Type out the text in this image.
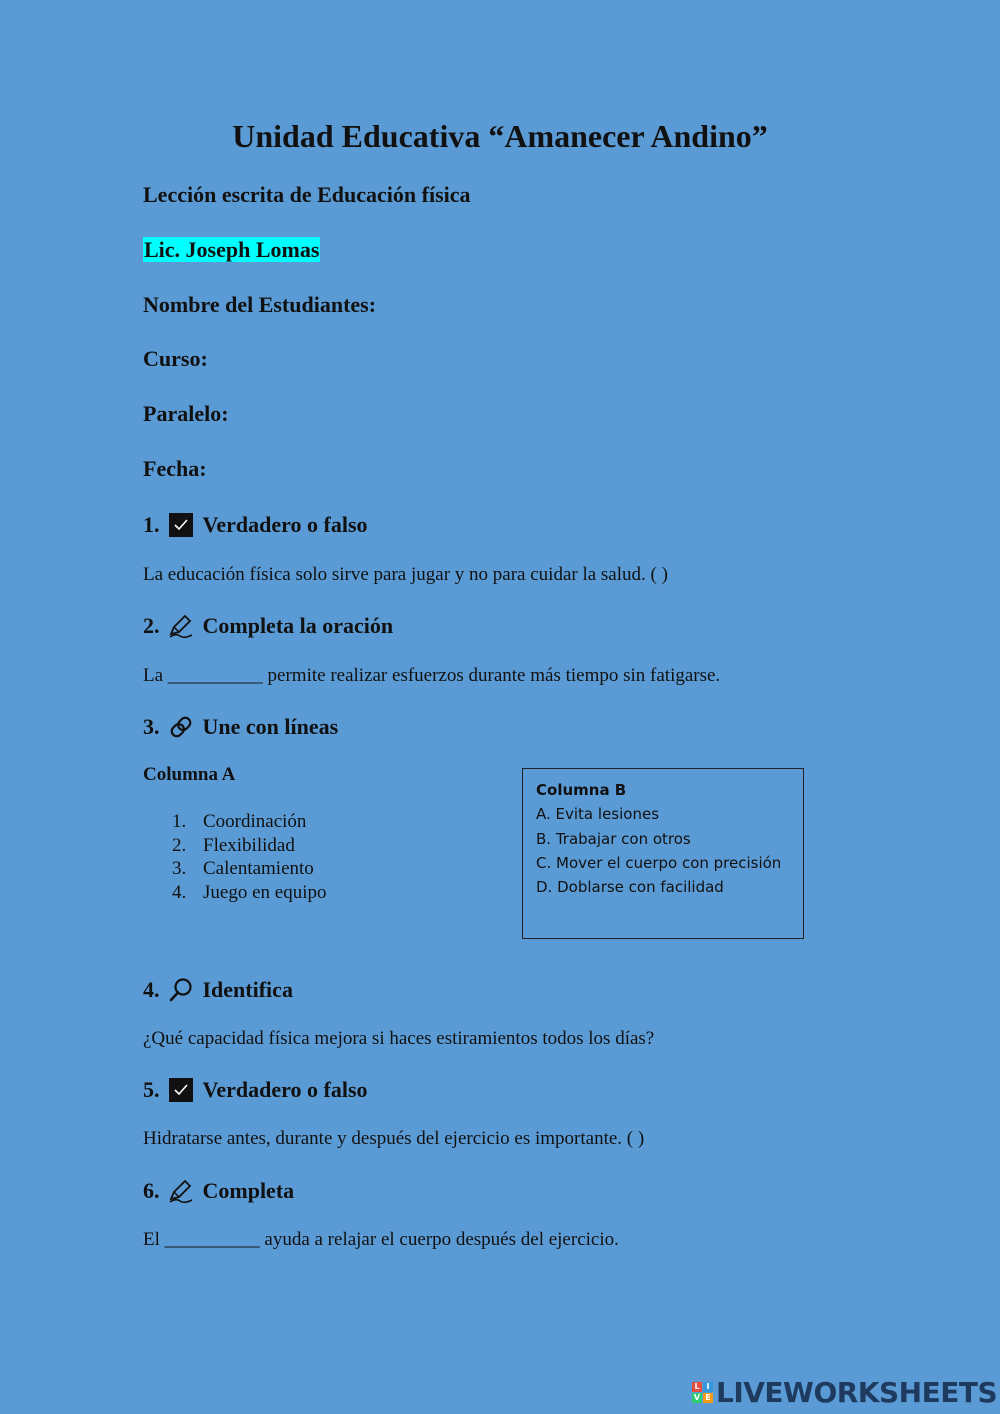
Unidad Educativa “Amanecer Andino”
Lección escrita de Educación física
Lic. Joseph Lomas
Nombre del Estudiantes:
Curso:
Paralelo:
Fecha:
1. Verdadero o falso
La educación física solo sirve para jugar y no para cuidar la salud. ( )
2. Completa la oración
La __________ permite realizar esfuerzos durante más tiempo sin fatigarse.
3. Une con líneas
Columna A
1. Coordinación
2. Flexibilidad
3. Calentamiento
4. Juego en equipo
Columna B
A. Evita lesiones
B. Trabajar con otros
C. Mover el cuerpo con precisión
D. Doblarse con facilidad
4. Identifica
¿Qué capacidad física mejora si haces estiramientos todos los días?
5. Verdadero o falso
Hidratarse antes, durante y después del ejercicio es importante. ( )
6. Completa
El __________ ayuda a relajar el cuerpo después del ejercicio.
L I
V E LIVEWORKSHEETS
